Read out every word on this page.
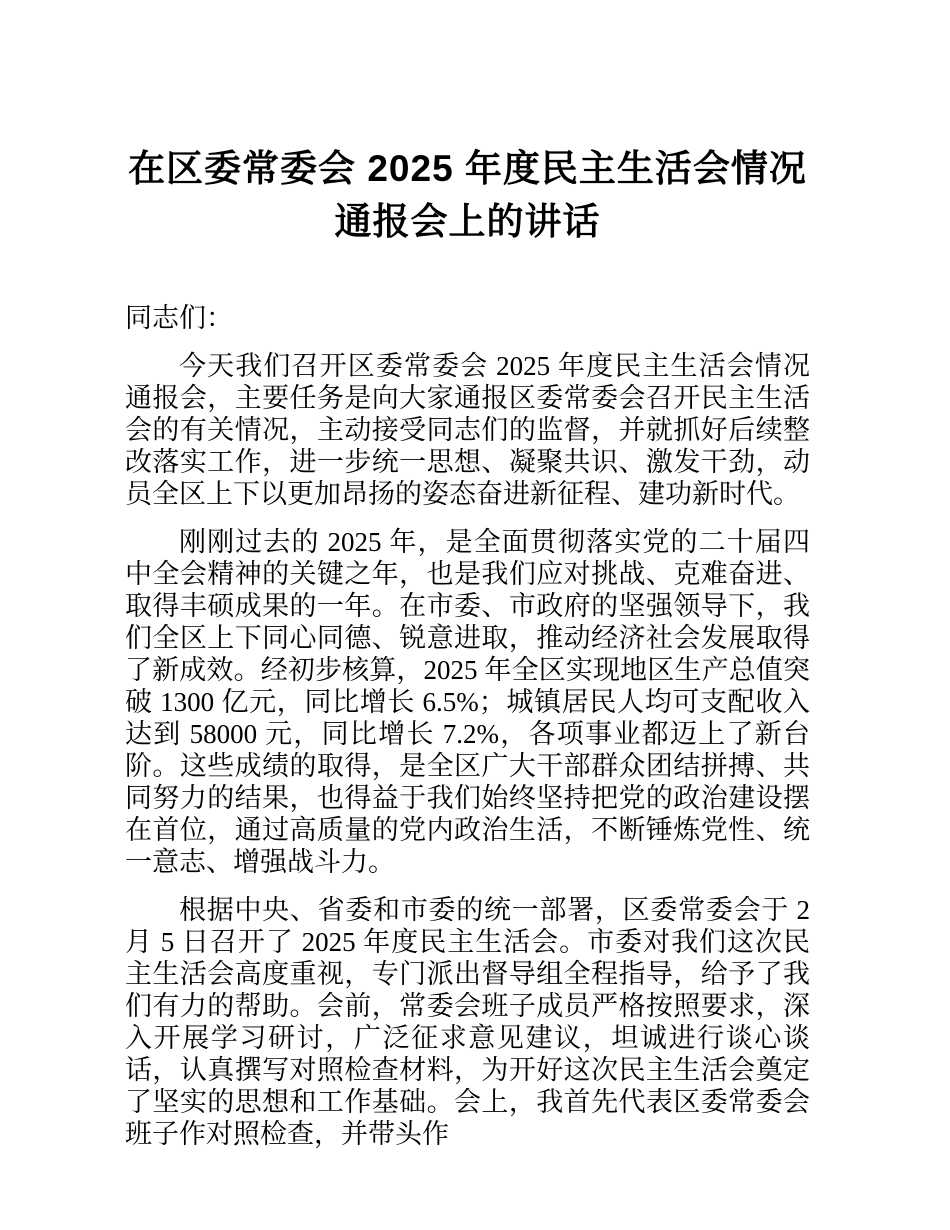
在区委常委会 2025 年度民主生活会情况通报会上的讲话

同志们：

今天我们召开区委常委会 2025 年度民主生活会情况通报会，主要任务是向大家通报区委常委会召开民主生活会的有关情况，主动接受同志们的监督，并就抓好后续整改落实工作，进一步统一思想、凝聚共识、激发干劲，动员全区上下以更加昂扬的姿态奋进新征程、建功新时代。

刚刚过去的 2025 年，是全面贯彻落实党的二十届四中全会精神的关键之年，也是我们应对挑战、克难奋进、取得丰硕成果的一年。在市委、市政府的坚强领导下，我们全区上下同心同德、锐意进取，推动经济社会发展取得了新成效。经初步核算，2025 年全区实现地区生产总值突破 1300 亿元，同比增长 6.5%；城镇居民人均可支配收入达到 58000 元，同比增长 7.2%，各项事业都迈上了新台阶。这些成绩的取得，是全区广大干部群众团结拼搏、共同努力的结果，也得益于我们始终坚持把党的政治建设摆在首位，通过高质量的党内政治生活，不断锤炼党性、统一意志、增强战斗力。

根据中央、省委和市委的统一部署，区委常委会于 2 月 5 日召开了 2025 年度民主生活会。市委对我们这次民主生活会高度重视，专门派出督导组全程指导，给予了我们有力的帮助。会前，常委会班子成员严格按照要求，深入开展学习研讨，广泛征求意见建议，坦诚进行谈心谈话，认真撰写对照检查材料，为开好这次民主生活会奠定了坚实的思想和工作基础。会上，我首先代表区委常委会班子作对照检查，并带头作
